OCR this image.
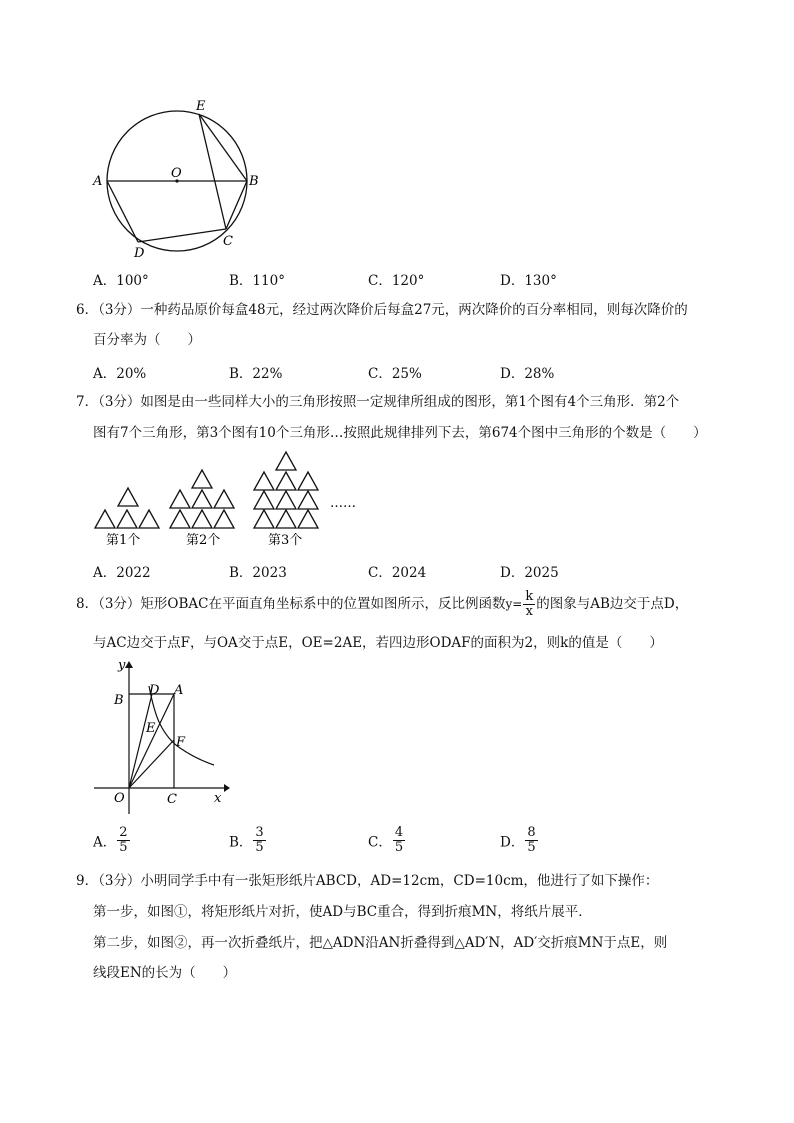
E
O
A	B
D
C
A．100°	B．110°	C．120°	D．130°
6．（3分）一种药品原价每盒48元，经过两次降价后每盒27元，两次降价的百分率相同，则每次降价的
百分率为（　　）
A．20%	B．22%	C．25%	D．28%
7．（3分）如图是由一些同样大小的三角形按照一定规律所组成的图形，第1个图有4个三角形．第2个
图有7个三角形，第3个图有10个三角形…按照此规律排列下去，第674个图中三角形的个数是（　　）
……
第1个	第2个	第3个
A．2022	B．2023	C．2024	D．2025
8．（3分）矩形OBAC在平面直角坐标系中的位置如图所示，反比例函数$y= \frac{k}{x}$ 的图象与AB边交于点D，
与AC边交于点F，与OA交于点E，OE=2AE，若四边形ODAF的面积为2，则k的值是（　　）
y
B
D A
E
F
O	C	x
A． $\frac{2}{5}$	B． $\frac{3}{5}$	C． $\frac{4}{5}$	D． $\frac{8}{5}$
9．（3分）小明同学手中有一张矩形纸片ABCD，AD=12cm，CD=10cm，他进行了如下操作：
第一步，如图①，将矩形纸片对折，使AD与BC重合，得到折痕MN，将纸片展平．
第二步，如图②，再一次折叠纸片，把△ADN沿AN折叠得到△AD′N，AD′交折痕MN于点E，则
线段EN的长为（　　）
